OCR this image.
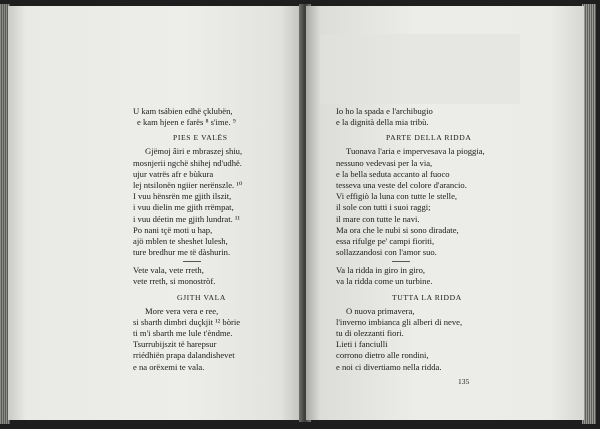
U kam tsábien edhë çklubën,
e kam hjeen e farës ⁸ s'ime. ⁹
PIES E VALËS
Gjëmoj âiri e mbraszej shiu,
mosnjerii ngchë shihej nd'udhë.
ujur vatrës afr e bùkura
lej ntsilonën ngiier nerënszle. ¹⁰
I vuu hënsrën me gjith ilszit,
i vuu dielin me gjith rrëmpat,
i vuu déetin me gjith lundrat. ¹¹
Po nani tçë moti u hap,
ajö mblen te sheshet lulesh,
ture bredhur me të dàshurin.
Vete vala, vete rreth,
vete rreth, si monostròf.
GJITH VALA
More vera vera e ree,
si sbarth dimbri duçkjit ¹² bòrie
ti m'i sbarth me lule t'èndme.
Tsurrubijszit të harepsur
rriédhiën prapa dalandishevet
e na orëxemi te vala.
Io ho la spada e l'archibugio
e la dignità della mia tribù.
PARTE DELLA RIDDA
Tuonava l'aria e impervesava la pioggia,
nessuno vedevasi per la via,
e la bella seduta accanto al fuoco
tesseva una veste del colore d'arancio.
Vi effigiò la luna con tutte le stelle,
il sole con tutti i suoi raggi;
il mare con tutte le navi.
Ma ora che le nubi si sono diradate,
essa rifulge pe' campi fioriti,
sollazzandosi con l'amor suo.
Va la ridda in giro in giro,
va la ridda come un turbine.
TUTTA LA RIDDA
O nuova primavera,
l'inverno imbianca gli alberi di neve,
tu di olezzanti fiori.
Lieti i fanciulli
corrono dietro alle rondini,
e noi ci divertiamo nella ridda.
135
